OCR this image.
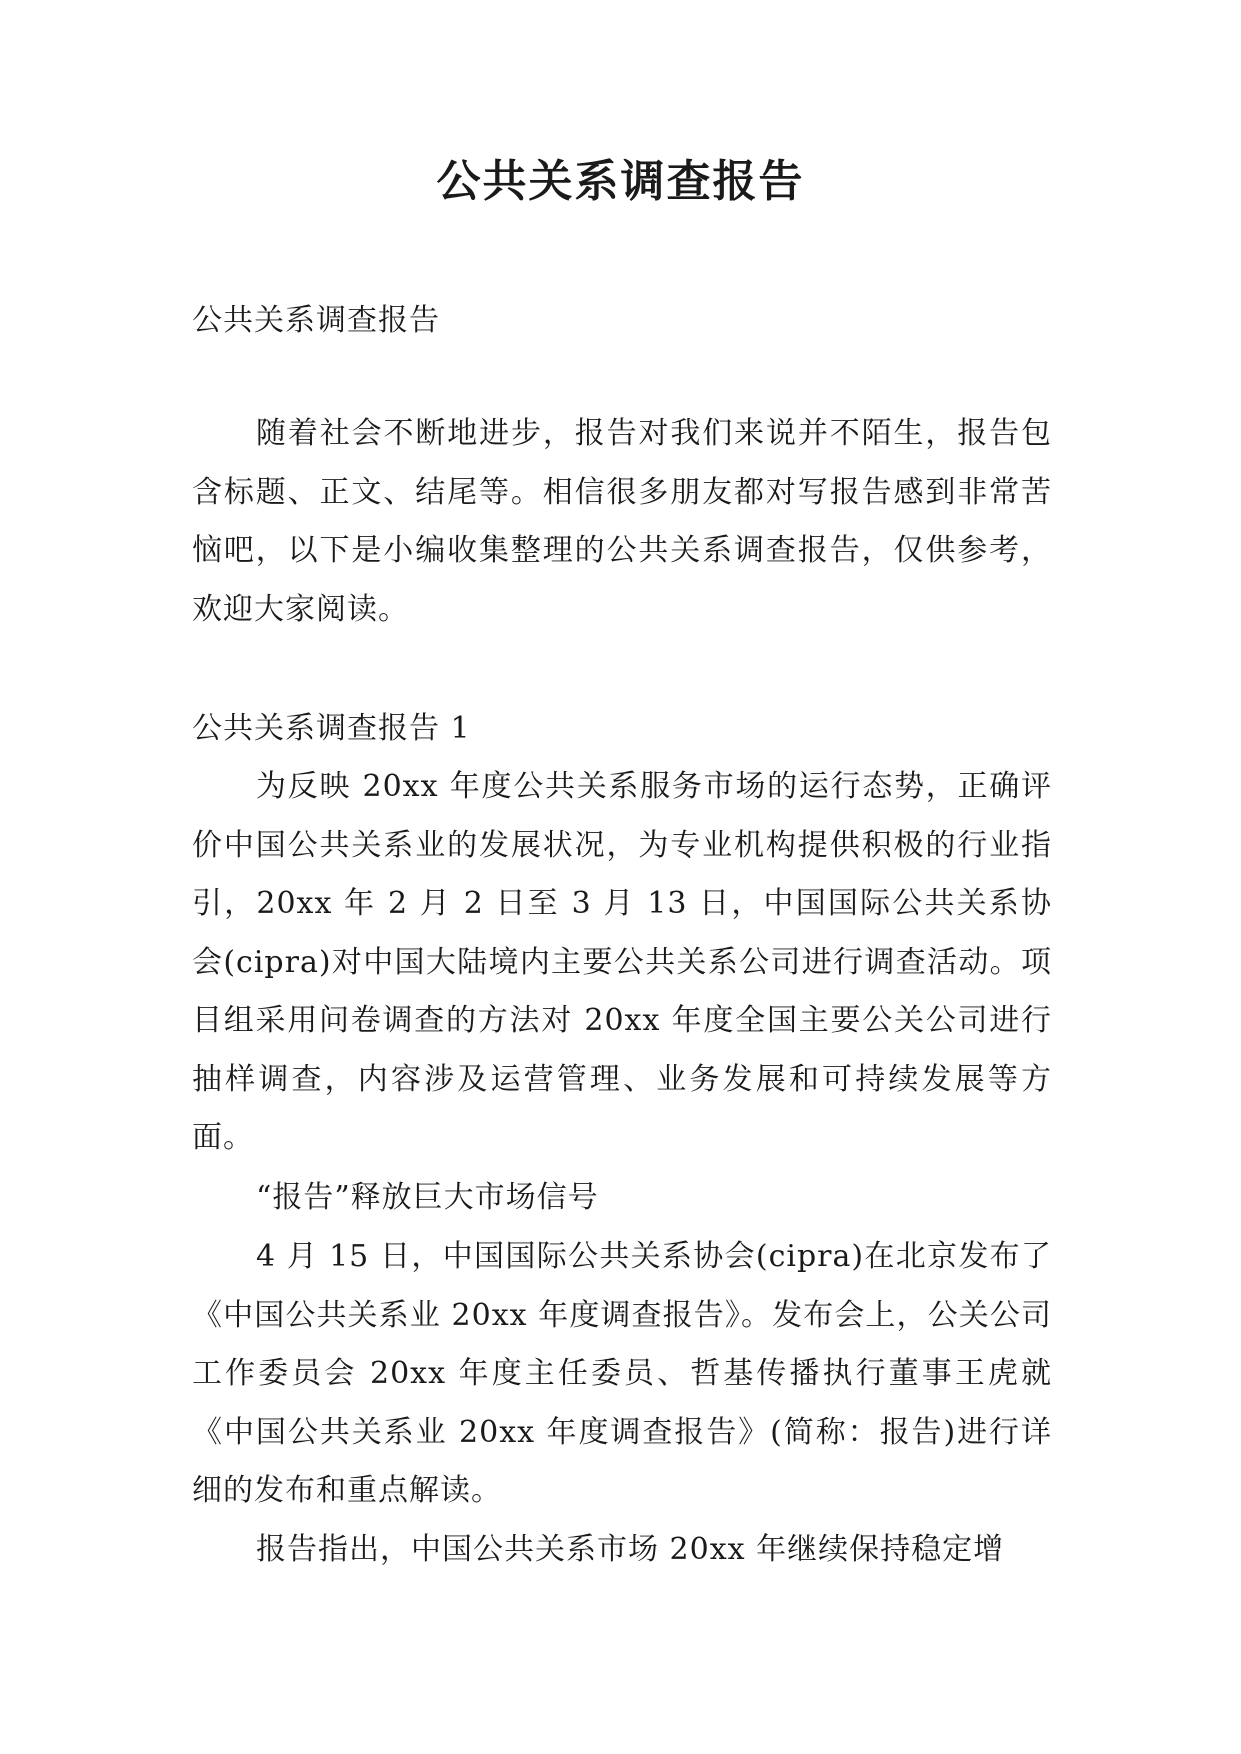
公共关系调查报告

公共关系调查报告

随着社会不断地进步，报告对我们来说并不陌生，报告包含标题、正文、结尾等。相信很多朋友都对写报告感到非常苦恼吧，以下是小编收集整理的公共关系调查报告，仅供参考，欢迎大家阅读。

公共关系调查报告 1

为反映 20xx 年度公共关系服务市场的运行态势，正确评价中国公共关系业的发展状况，为专业机构提供积极的行业指引，20xx 年 2 月 2 日至 3 月 13 日，中国国际公共关系协会(cipra)对中国大陆境内主要公共关系公司进行调查活动。项目组采用问卷调查的方法对 20xx 年度全国主要公关公司进行抽样调查，内容涉及运营管理、业务发展和可持续发展等方面。

“报告”释放巨大市场信号

4 月 15 日，中国国际公共关系协会(cipra)在北京发布了《中国公共关系业 20xx 年度调查报告》。发布会上，公关公司工作委员会 20xx 年度主任委员、哲基传播执行董事王虎就《中国公共关系业 20xx 年度调查报告》(简称：报告)进行详细的发布和重点解读。

报告指出，中国公共关系市场 20xx 年继续保持稳定增
